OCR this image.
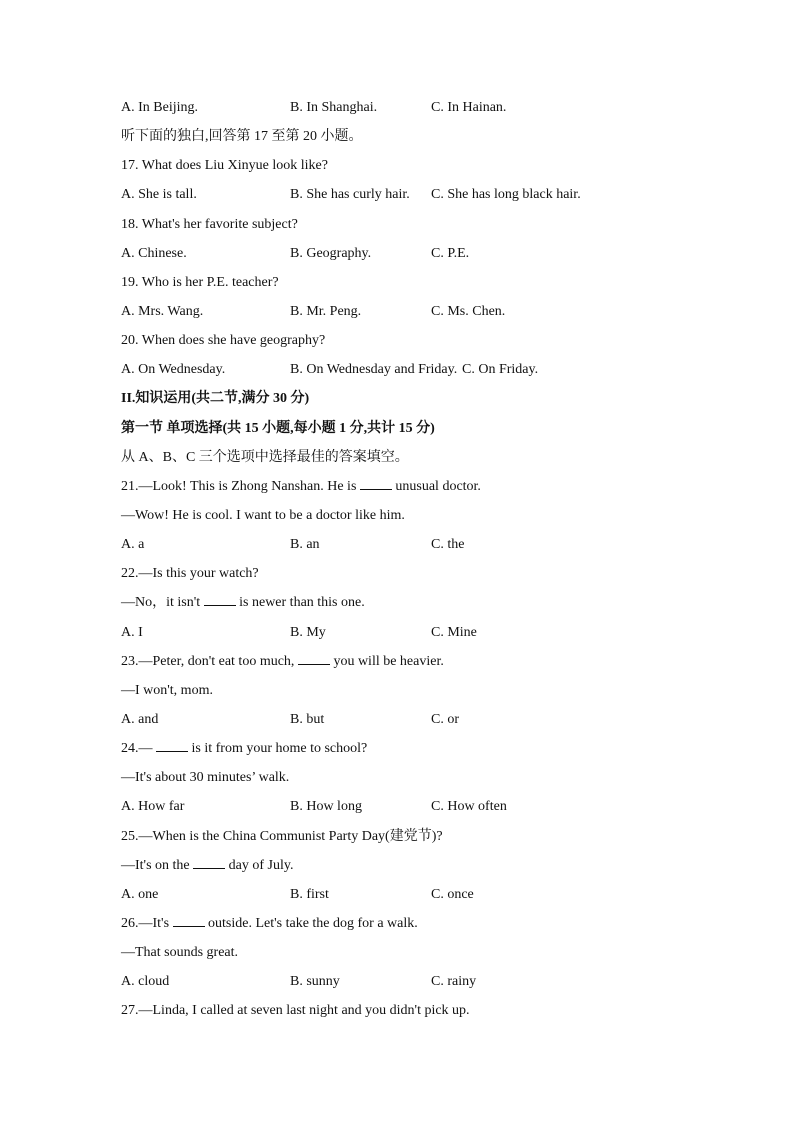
A. In Beijing.	B. In Shanghai.	C. In Hainan.
听下面的独白,回答第 17 至第 20 小题。
17. What does Liu Xinyue look like?
A. She is tall.	B. She has curly hair. C. She has long black hair.
18. What's her favorite subject?
A. Chinese.	B. Geography.	C. P.E.
19. Who is her P.E. teacher?
A. Mrs. Wang.	B. Mr. Peng.	C. Ms. Chen.
20. When does she have geography?
A. On Wednesday.	B. On Wednesday and Friday. C. On Friday.
II.知识运用(共二节,满分 30 分)
第一节 单项选择(共 15 小题,每小题 1 分,共计 15 分)
从 A、B、C 三个选项中选择最佳的答案填空。
21.—Look! This is Zhong Nanshan. He is	unusual doctor.
—Wow! He is cool. I want to be a doctor like him.
A. a	B. an	C. the
22.—Is this your watch?
—No，it isn't	is newer than this one.
A. I	B. My	C. Mine
23.—Peter, don't eat too much,	you will be heavier.
—I won't, mom.
A. and	B. but	C. or
24.—	is it from your home to school?
—It's about 30 minutes’ walk.
A. How far	B. How long	C. How often
25.—When is the China Communist Party Day(建党节)?
—It's on the	day of July.
A. one	B. first	C. once
26.—It's	outside. Let's take the dog for a walk.
—That sounds great.
A. cloud	B. sunny	C. rainy
27.—Linda, I called at seven last night and you didn't pick up.
